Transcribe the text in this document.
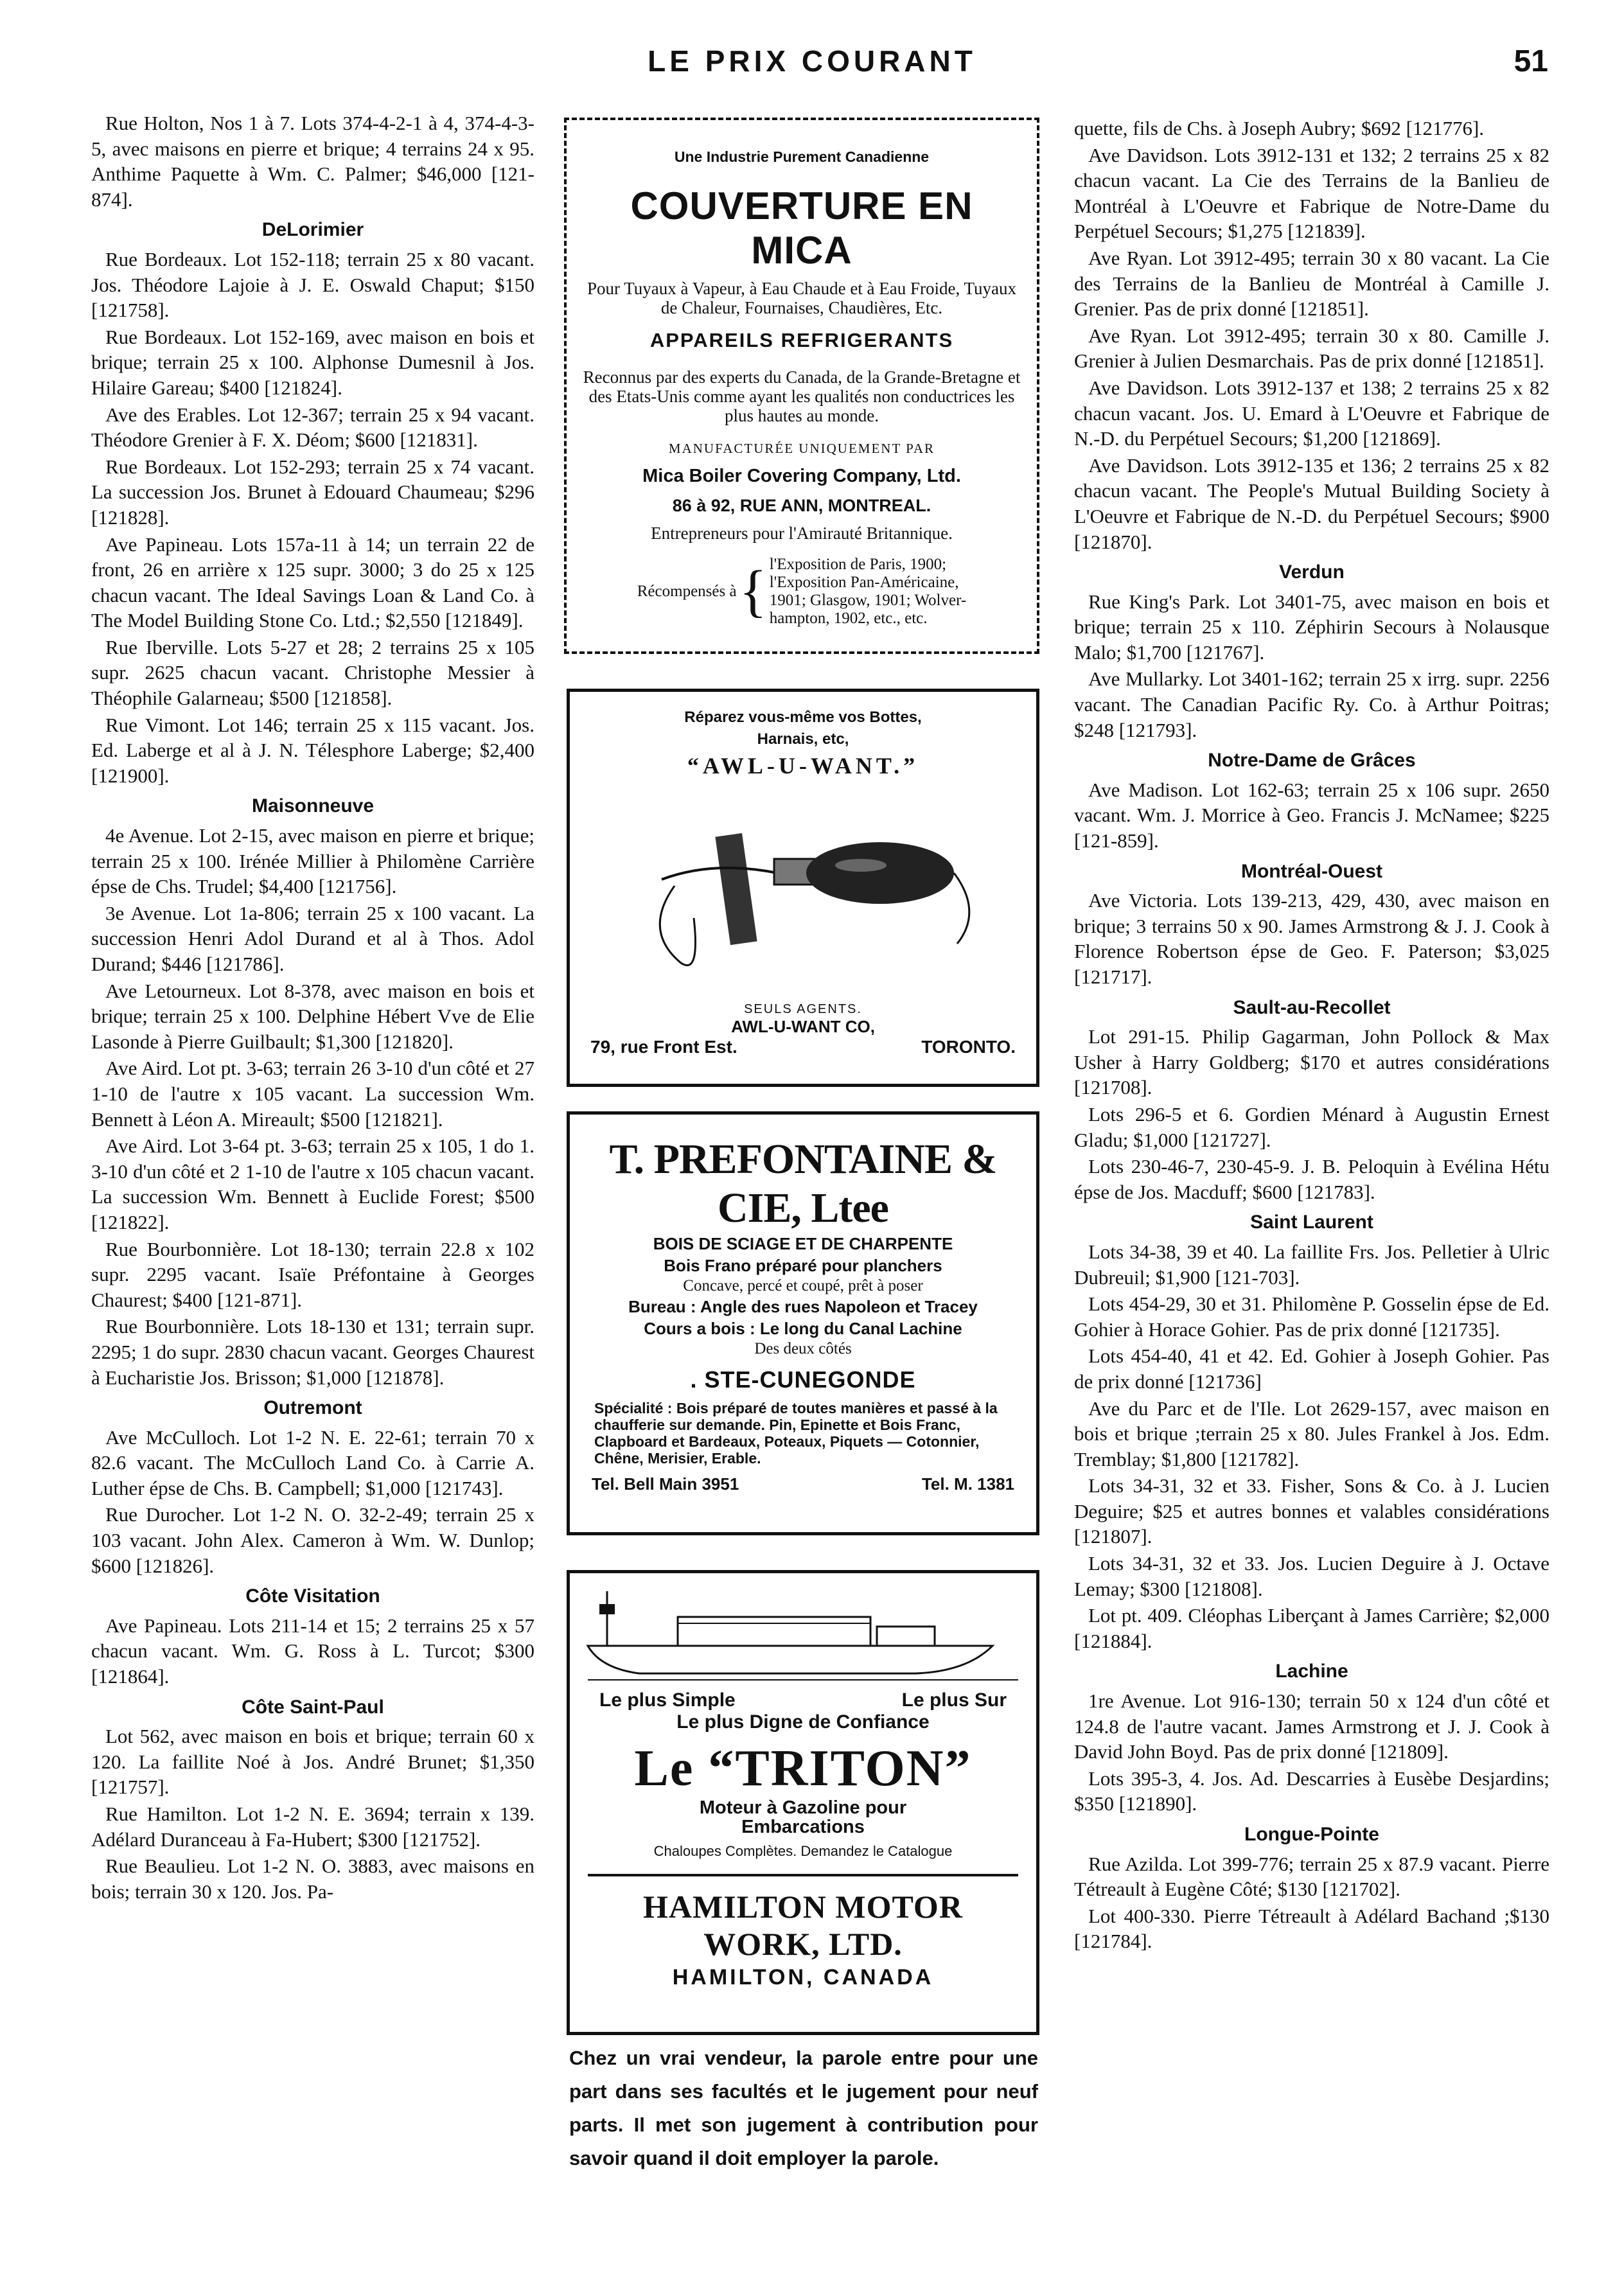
LE PRIX COURANT	51

Rue Holton, Nos 1 à 7. Lots 374-4-2-1 à 4, 374-4-3-5, avec maisons en pierre et brique; 4 terrains 24 x 95. Anthime Paquette à Wm. C. Palmer; $46,000 [121-874].

DeLorimier

Rue Bordeaux. Lot 152-118; terrain 25 x 80 vacant. Jos. Théodore Lajoie à J. E. Oswald Chaput; $150 [121758].

Rue Bordeaux. Lot 152-169, avec maison en bois et brique; terrain 25 x 100. Alphonse Dumesnil à Jos. Hilaire Gareau; $400 [121824].

Ave des Erables. Lot 12-367; terrain 25 x 94 vacant. Théodore Grenier à F. X. Déom; $600 [121831].

Rue Bordeaux. Lot 152-293; terrain 25 x 74 vacant. La succession Jos. Brunet à Edouard Chaumeau; $296 [121828].

Ave Papineau. Lots 157a-11 à 14; un terrain 22 de front, 26 en arrière x 125 supr. 3000; 3 do 25 x 125 chacun vacant. The Ideal Savings Loan & Land Co. à The Model Building Stone Co. Ltd.; $2,550 [121849].

Rue Iberville. Lots 5-27 et 28; 2 terrains 25 x 105 supr. 2625 chacun vacant. Christophe Messier à Théophile Galarneau; $500 [121858].

Rue Vimont. Lot 146; terrain 25 x 115 vacant. Jos. Ed. Laberge et al à J. N. Télesphore Laberge; $2,400 [121900].

Maisonneuve

4e Avenue. Lot 2-15, avec maison en pierre et brique; terrain 25 x 100. Irénée Millier à Philomène Carrière épse de Chs. Trudel; $4,400 [121756].

3e Avenue. Lot 1a-806; terrain 25 x 100 vacant. La succession Henri Adol Durand et al à Thos. Adol Durand; $446 [121786].

Ave Letourneux. Lot 8-378, avec maison en bois et brique; terrain 25 x 100. Delphine Hébert Vve de Elie Lasonde à Pierre Guilbault; $1,300 [121820].

Ave Aird. Lot pt. 3-63; terrain 26 3-10 d'un côté et 27 1-10 de l'autre x 105 vacant. La succession Wm. Bennett à Léon A. Mireault; $500 [121821].

Ave Aird. Lot 3-64 pt. 3-63; terrain 25 x 105, 1 do 1. 3-10 d'un côté et 2 1-10 de l'autre x 105 chacun vacant. La succession Wm. Bennett à Euclide Forest; $500 [121822].

Rue Bourbonnière. Lot 18-130; terrain 22.8 x 102 supr. 2295 vacant. Isaïe Préfontaine à Georges Chaurest; $400 [121-871].

Rue Bourbonnière. Lots 18-130 et 131; terrain supr. 2295; 1 do supr. 2830 chacun vacant. Georges Chaurest à Eucharistie Jos. Brisson; $1,000 [121878].

Outremont

Ave McCulloch. Lot 1-2 N. E. 22-61; terrain 70 x 82.6 vacant. The McCulloch Land Co. à Carrie A. Luther épse de Chs. B. Campbell; $1,000 [121743].

Rue Durocher. Lot 1-2 N. O. 32-2-49; terrain 25 x 103 vacant. John Alex. Cameron à Wm. W. Dunlop; $600 [121826].

Côte Visitation

Ave Papineau. Lots 211-14 et 15; 2 terrains 25 x 57 chacun vacant. Wm. G. Ross à L. Turcot; $300 [121864].

Côte Saint-Paul

Lot 562, avec maison en bois et brique; terrain 60 x 120. La faillite Noé à Jos. André Brunet; $1,350 [121757].

Rue Hamilton. Lot 1-2 N. E. 3694; terrain x 139. Adélard Duranceau à Fa-Hubert; $300 [121752].

Rue Beaulieu. Lot 1-2 N. O. 3883, avec maisons en bois; terrain 30 x 120. Jos. Pa-

Une Industrie Purement Canadienne
COUVERTURE EN MICA
Pour Tuyaux à Vapeur, à Eau Chaude et à Eau Froide, Tuyaux de Chaleur, Fournaises, Chaudières, Etc.
APPAREILS REFRIGERANTS
Reconnus par des experts du Canada, de la Grande-Bretagne et des Etats-Unis comme ayant les qualités non conductrices les plus hautes au monde.
MANUFACTURÉE UNIQUEMENT PAR
Mica Boiler Covering Company, Ltd.
86 à 92, RUE ANN, MONTREAL.
Entrepreneurs pour l'Amirauté Britannique.
Récompensés à { l'Exposition de Paris, 1900;
l'Exposition Pan-Américaine,
1901; Glasgow, 1901; Wolver-
hampton, 1902, etc., etc.
Réparez vous-même vos Bottes,
Harnais, etc,
“AWL-U-WANT.”
SEULS AGENTS.
AWL-U-WANT CO,
79, rue Front Est.	TORONTO.
T. PREFONTAINE & CIE, Ltee
BOIS DE SCIAGE ET DE CHARPENTE
Bois Frano préparé pour planchers
Concave, percé et coupé, prêt à poser
Bureau : Angle des rues Napoleon et Tracey
Cours a bois : Le long du Canal Lachine
Des deux côtés
. STE-CUNEGONDE
Spécialité : Bois préparé de toutes manières et passé à la chaufferie sur demande. Pin, Epinette et Bois Franc, Clapboard et Bardeaux, Poteaux, Piquets — Cotonnier, Chêne, Merisier, Erable.
Tel. Bell Main 3951	Tel. M. 1381
Le plus Simple	Le plus Sur
Le plus Digne de Confiance
Le “TRITON”
Moteur à Gazoline pour
Embarcations
Chaloupes Complètes. Demandez le Catalogue
HAMILTON MOTOR WORK, LTD.
HAMILTON, CANADA
Chez un vrai vendeur, la parole entre pour une part dans ses facultés et le jugement pour neuf parts. Il met son jugement à contribution pour savoir quand il doit employer la parole.

quette, fils de Chs. à Joseph Aubry; $692 [121776].

Ave Davidson. Lots 3912-131 et 132; 2 terrains 25 x 82 chacun vacant. La Cie des Terrains de la Banlieu de Montréal à L'Oeuvre et Fabrique de Notre-Dame du Perpétuel Secours; $1,275 [121839].

Ave Ryan. Lot 3912-495; terrain 30 x 80 vacant. La Cie des Terrains de la Banlieu de Montréal à Camille J. Grenier. Pas de prix donné [121851].

Ave Ryan. Lot 3912-495; terrain 30 x 80. Camille J. Grenier à Julien Desmarchais. Pas de prix donné [121851].

Ave Davidson. Lots 3912-137 et 138; 2 terrains 25 x 82 chacun vacant. Jos. U. Emard à L'Oeuvre et Fabrique de N.-D. du Perpétuel Secours; $1,200 [121869].

Ave Davidson. Lots 3912-135 et 136; 2 terrains 25 x 82 chacun vacant. The People's Mutual Building Society à L'Oeuvre et Fabrique de N.-D. du Perpétuel Secours; $900 [121870].

Verdun

Rue King's Park. Lot 3401-75, avec maison en bois et brique; terrain 25 x 110. Zéphirin Secours à Nolausque Malo; $1,700 [121767].

Ave Mullarky. Lot 3401-162; terrain 25 x irrg. supr. 2256 vacant. The Canadian Pacific Ry. Co. à Arthur Poitras; $248 [121793].

Notre-Dame de Grâces

Ave Madison. Lot 162-63; terrain 25 x 106 supr. 2650 vacant. Wm. J. Morrice à Geo. Francis J. McNamee; $225 [121-859].

Montréal-Ouest

Ave Victoria. Lots 139-213, 429, 430, avec maison en brique; 3 terrains 50 x 90. James Armstrong & J. J. Cook à Florence Robertson épse de Geo. F. Paterson; $3,025 [121717].

Sault-au-Recollet

Lot 291-15. Philip Gagarman, John Pollock & Max Usher à Harry Goldberg; $170 et autres considérations [121708].

Lots 296-5 et 6. Gordien Ménard à Augustin Ernest Gladu; $1,000 [121727].

Lots 230-46-7, 230-45-9. J. B. Peloquin à Evélina Hétu épse de Jos. Macduff; $600 [121783].

Saint Laurent

Lots 34-38, 39 et 40. La faillite Frs. Jos. Pelletier à Ulric Dubreuil; $1,900 [121-703].

Lots 454-29, 30 et 31. Philomène P. Gosselin épse de Ed. Gohier à Horace Gohier. Pas de prix donné [121735].

Lots 454-40, 41 et 42. Ed. Gohier à Joseph Gohier. Pas de prix donné [121736]

Ave du Parc et de l'Ile. Lot 2629-157, avec maison en bois et brique ;terrain 25 x 80. Jules Frankel à Jos. Edm. Tremblay; $1,800 [121782].

Lots 34-31, 32 et 33. Fisher, Sons & Co. à J. Lucien Deguire; $25 et autres bonnes et valables considérations [121807].

Lots 34-31, 32 et 33. Jos. Lucien Deguire à J. Octave Lemay; $300 [121808].

Lot pt. 409. Cléophas Liberçant à James Carrière; $2,000 [121884].

Lachine

1re Avenue. Lot 916-130; terrain 50 x 124 d'un côté et 124.8 de l'autre vacant. James Armstrong et J. J. Cook à David John Boyd. Pas de prix donné [121809].

Lots 395-3, 4. Jos. Ad. Descarries à Eusèbe Desjardins; $350 [121890].

Longue-Pointe

Rue Azilda. Lot 399-776; terrain 25 x 87.9 vacant. Pierre Tétreault à Eugène Côté; $130 [121702].

Lot 400-330. Pierre Tétreault à Adélard Bachand ;$130 [121784].
